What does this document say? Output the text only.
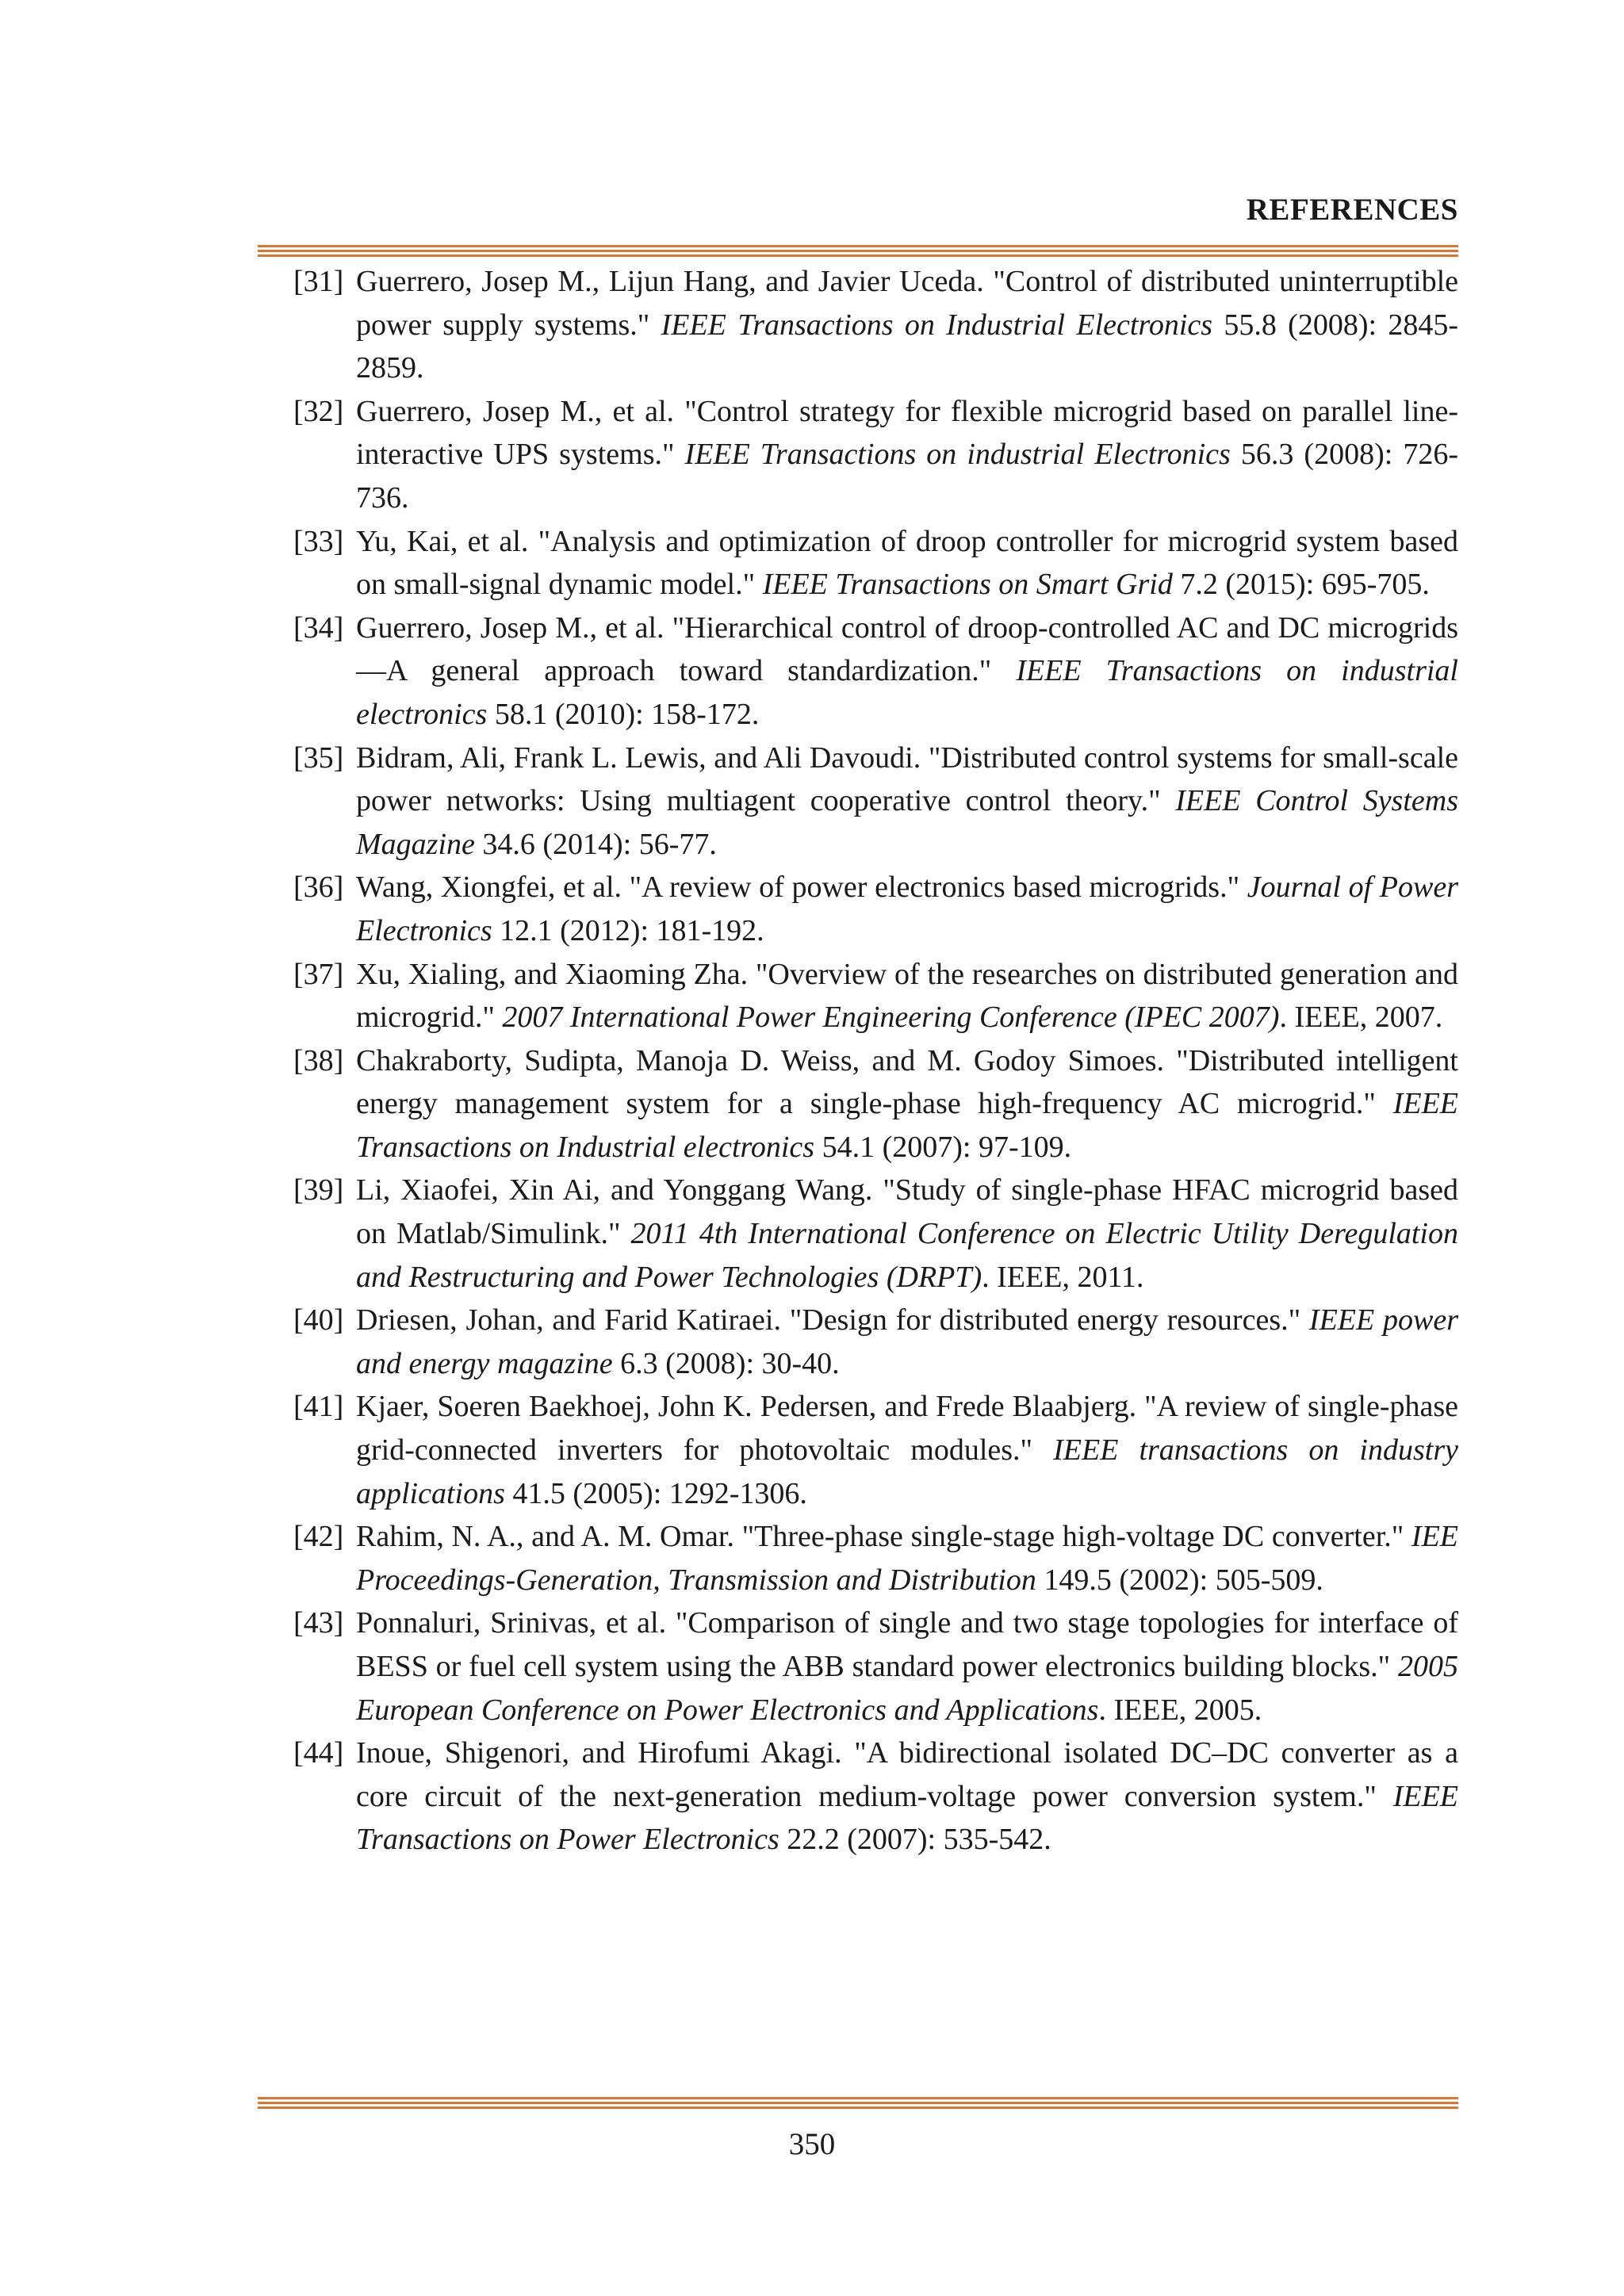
REFERENCES
[31] Guerrero, Josep M., Lijun Hang, and Javier Uceda. "Control of distributed uninterruptible power supply systems." IEEE Transactions on Industrial Electronics 55.8 (2008): 2845-2859.
[32] Guerrero, Josep M., et al. "Control strategy for flexible microgrid based on parallel line-interactive UPS systems." IEEE Transactions on industrial Electronics 56.3 (2008): 726-736.
[33] Yu, Kai, et al. "Analysis and optimization of droop controller for microgrid system based on small-signal dynamic model." IEEE Transactions on Smart Grid 7.2 (2015): 695-705.
[34] Guerrero, Josep M., et al. "Hierarchical control of droop-controlled AC and DC microgrids—A general approach toward standardization." IEEE Transactions on industrial electronics 58.1 (2010): 158-172.
[35] Bidram, Ali, Frank L. Lewis, and Ali Davoudi. "Distributed control systems for small-scale power networks: Using multiagent cooperative control theory." IEEE Control Systems Magazine 34.6 (2014): 56-77.
[36] Wang, Xiongfei, et al. "A review of power electronics based microgrids." Journal of Power Electronics 12.1 (2012): 181-192.
[37] Xu, Xialing, and Xiaoming Zha. "Overview of the researches on distributed generation and microgrid." 2007 International Power Engineering Conference (IPEC 2007). IEEE, 2007.
[38] Chakraborty, Sudipta, Manoja D. Weiss, and M. Godoy Simoes. "Distributed intelligent energy management system for a single-phase high-frequency AC microgrid." IEEE Transactions on Industrial electronics 54.1 (2007): 97-109.
[39] Li, Xiaofei, Xin Ai, and Yonggang Wang. "Study of single-phase HFAC microgrid based on Matlab/Simulink." 2011 4th International Conference on Electric Utility Deregulation and Restructuring and Power Technologies (DRPT). IEEE, 2011.
[40] Driesen, Johan, and Farid Katiraei. "Design for distributed energy resources." IEEE power and energy magazine 6.3 (2008): 30-40.
[41] Kjaer, Soeren Baekhoej, John K. Pedersen, and Frede Blaabjerg. "A review of single-phase grid-connected inverters for photovoltaic modules." IEEE transactions on industry applications 41.5 (2005): 1292-1306.
[42] Rahim, N. A., and A. M. Omar. "Three-phase single-stage high-voltage DC converter." IEE Proceedings-Generation, Transmission and Distribution 149.5 (2002): 505-509.
[43] Ponnaluri, Srinivas, et al. "Comparison of single and two stage topologies for interface of BESS or fuel cell system using the ABB standard power electronics building blocks." 2005 European Conference on Power Electronics and Applications. IEEE, 2005.
[44] Inoue, Shigenori, and Hirofumi Akagi. "A bidirectional isolated DC–DC converter as a core circuit of the next-generation medium-voltage power conversion system." IEEE Transactions on Power Electronics 22.2 (2007): 535-542.
350
